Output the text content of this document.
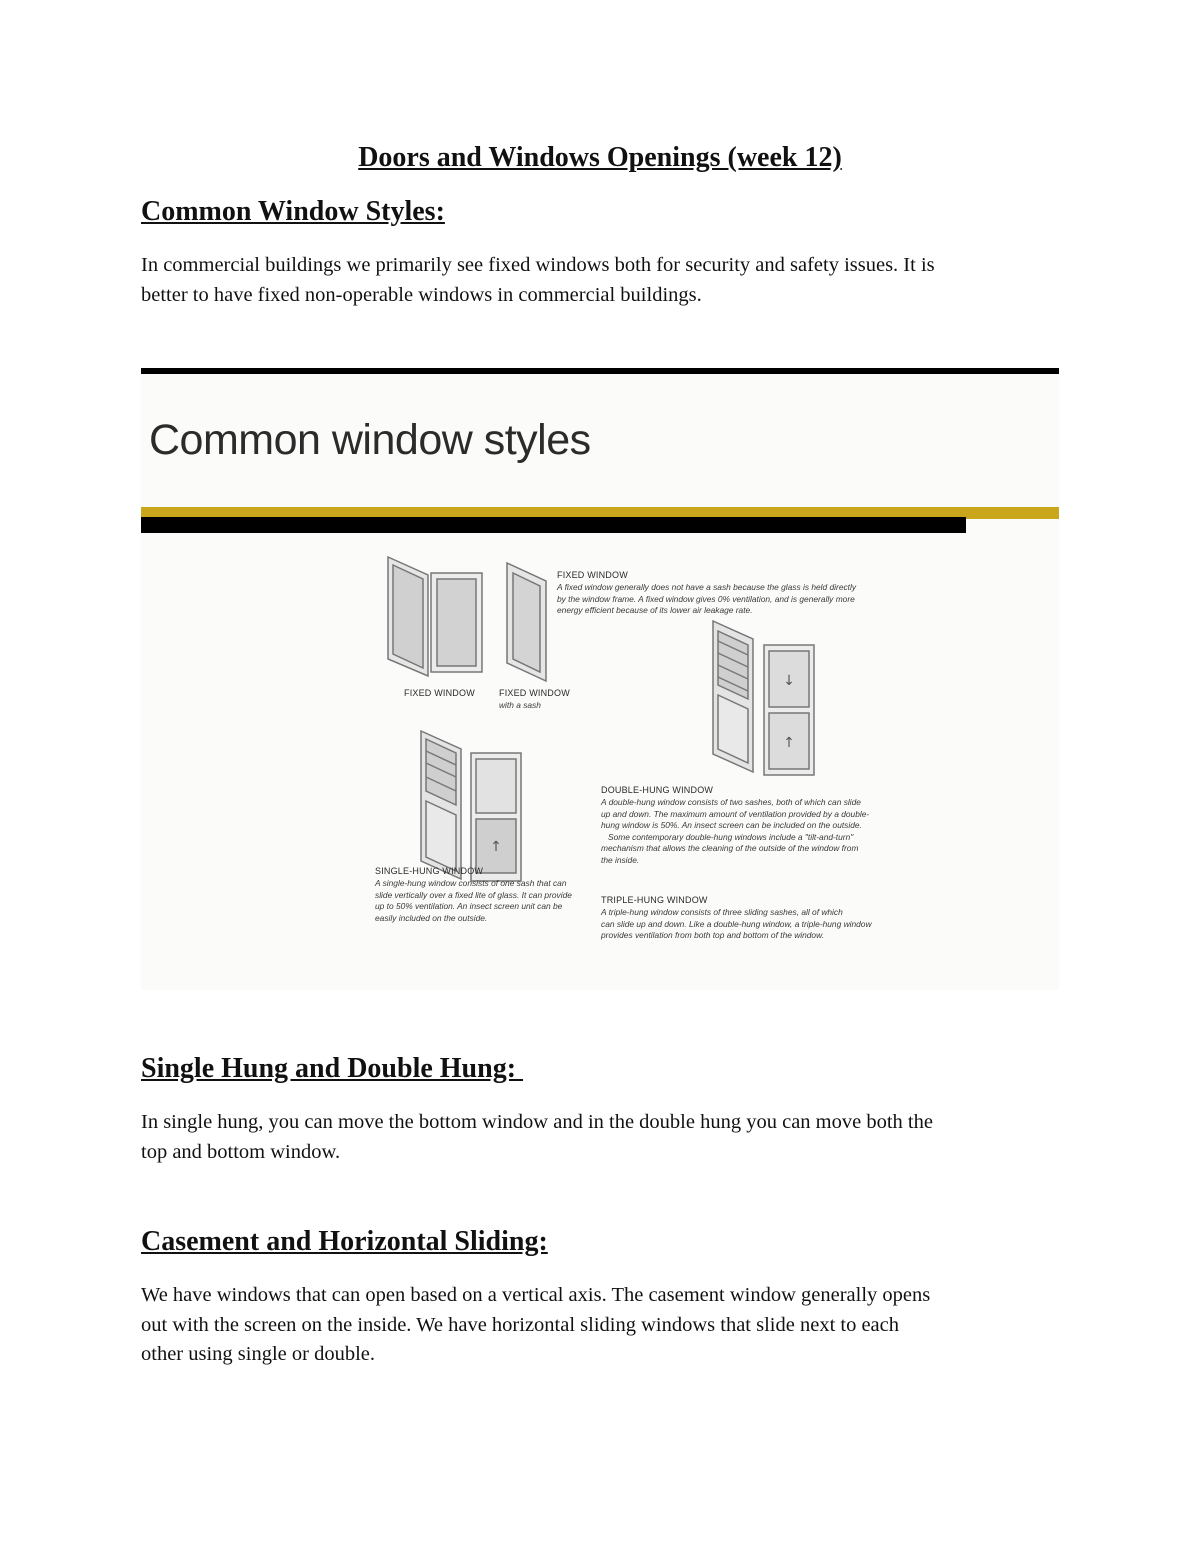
Doors and Windows Openings (week 12)
Common Window Styles:

In commercial buildings we primarily see fixed windows both for security and safety issues. It is
better to have fixed non-operable windows in commercial buildings.

Common window styles
↓
↑
↑
FIXED WINDOW

A fixed window generally does not have a sash because the glass is held directly
by the window frame. A fixed window gives 0% ventilation, and is generally more
energy efficient because of its lower air leakage rate.

FIXED WINDOW	FIXED WINDOW
with a sash
DOUBLE-HUNG WINDOW

A double-hung window consists of two sashes, both of which can slide
up and down. The maximum amount of ventilation provided by a double-
hung window is 50%. An insect screen can be included on the outside.
Some contemporary double-hung windows include a "tilt-and-turn"
mechanism that allows the cleaning of the outside of the window from
the inside.

SINGLE-HUNG WINDOW

A single-hung window consists of one sash that can
slide vertically over a fixed lite of glass. It can provide
up to 50% ventilation. An insect screen unit can be
easily included on the outside.

TRIPLE-HUNG WINDOW

A triple-hung window consists of three sliding sashes, all of which
can slide up and down. Like a double-hung window, a triple-hung window
provides ventilation from both top and bottom of the window.

Single Hung and Double Hung:

In single hung, you can move the bottom window and in the double hung you can move both the
top and bottom window.

Casement and Horizontal Sliding:

We have windows that can open based on a vertical axis. The casement window generally opens
out with the screen on the inside. We have horizontal sliding windows that slide next to each
other using single or double.
